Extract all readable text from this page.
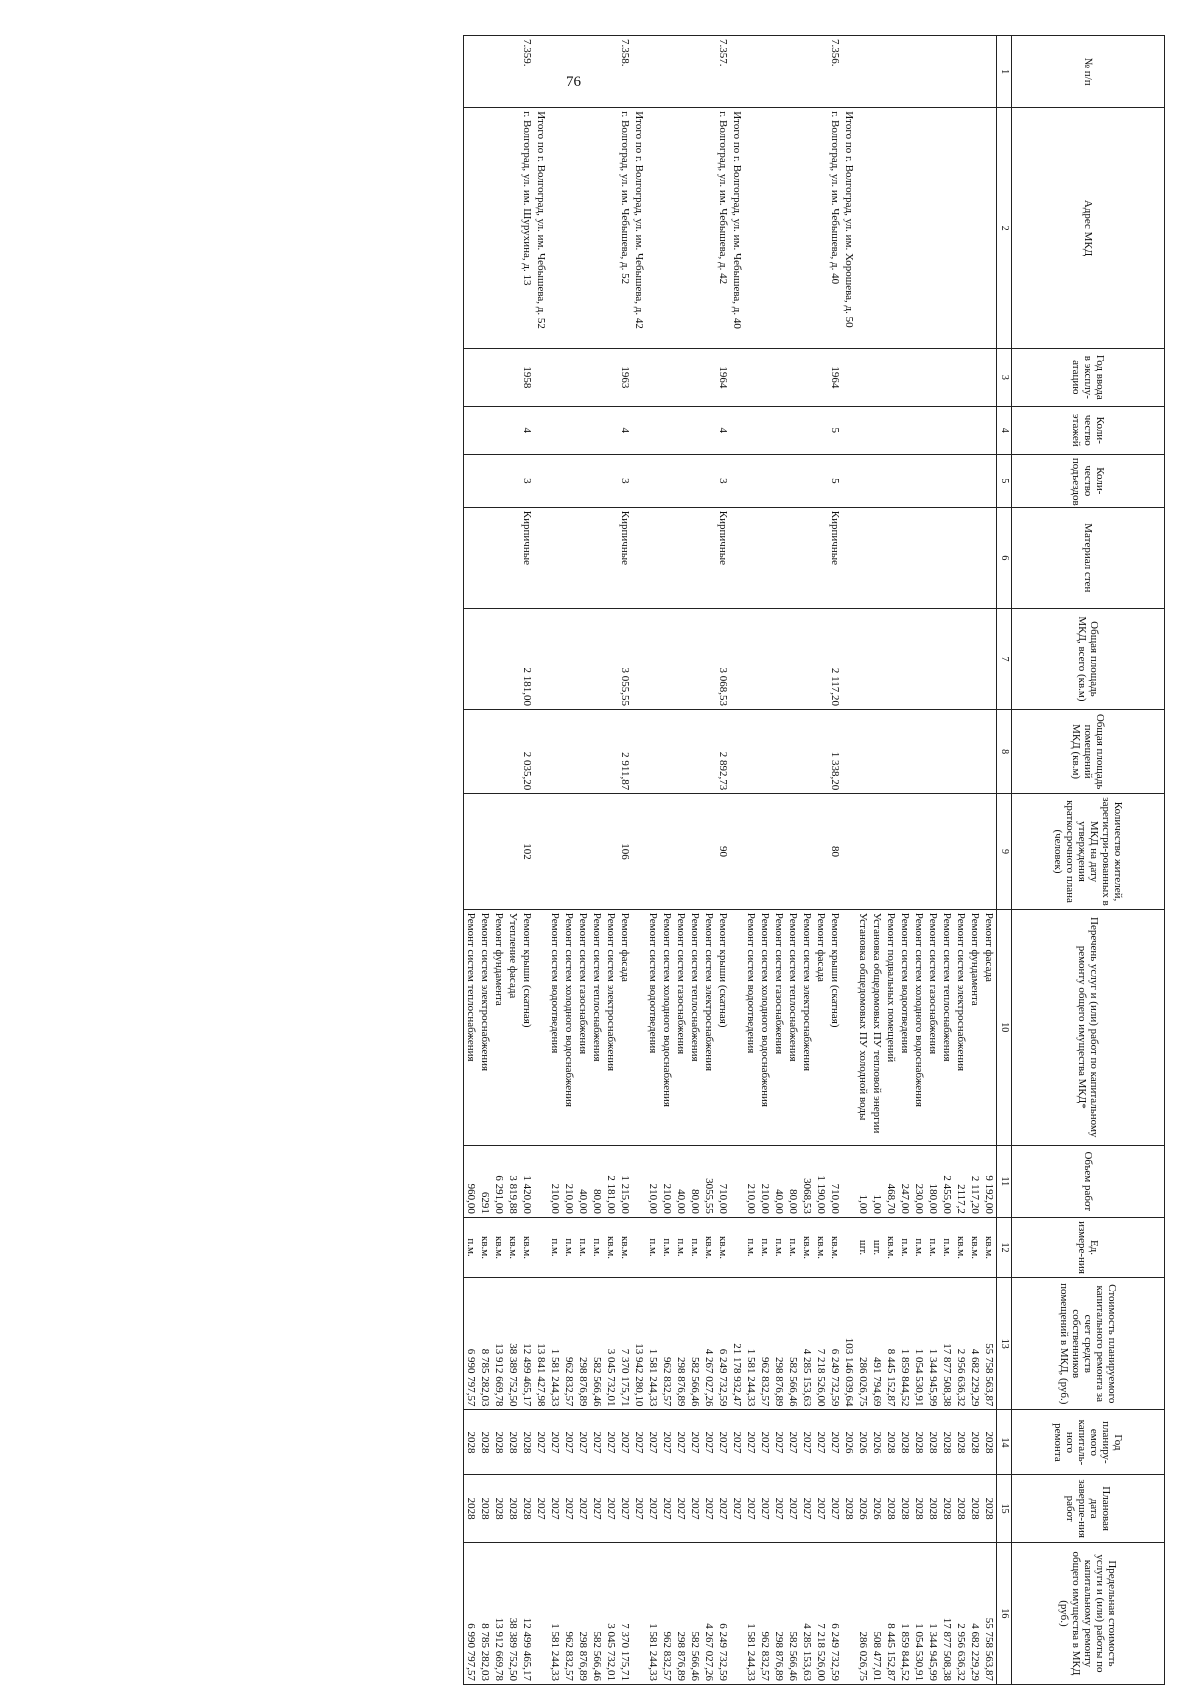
76	№ п/п	Адрес МКД	Год ввода в эксплу-атацию	Коли-чество этажей	Коли-чество подъездов	Материал стен	Общая площадь МКД, всего (кв.м)	Общая площадь помещений МКД (кв.м)	Количество жителей, зарегистри-рованных в МКД на дату утверждения краткосрочного плана (человек)	Перечень услуг и (или) работ по капитальному ремонту общего имущества МКД*	Объем работ	Ед. измере-ния	Стоимость планируемого капитального ремонта за счет средств собственников помещений в МКД, (руб.)	Год планиру-емого капиталь-ного ремонта	Плановая дата заверше-ния работ	Предельная стоимость услуги и (или) работы по капитальному ремонту общего имущества в МКД (руб.)
1	2	3	4	5	6	7	8	9	10	11	12	13	14	15	16
									Ремонт фасада	9 192,00	кв.м.	55 758 563,87	2028	2028	55 758 563,87
									Ремонт фундамента	2 117,20	кв.м.	4 682 229,29	2028	2028	4 682 229,29
									Ремонт систем электроснабжения	2117,2	кв.м.	2 956 636,32	2028	2028	2 956 636,32
									Ремонт систем теплоснабжения	2 455,00	п.м.	17 877 508,38	2028	2028	17 877 508,38
									Ремонт систем газоснабжения	180,00	п.м.	1 344 945,99	2028	2028	1 344 945,99
									Ремонт систем холодного водоснабжения	230,00	п.м.	1 054 530,91	2028	2028	1 054 530,91
									Ремонт систем водоотведения	247,00	п.м.	1 859 844,52	2028	2028	1 859 844,52
									Ремонт подвальных помещений	468,70	кв.м.	8 445 152,87	2028	2028	8 445 152,87
									Установка общедомовых ПУ тепловой энергии	1,00	шт.	491 794,69	2026	2026	508 477,01
									Установка общедомовых ПУ холодной воды	1,00	шт.	286 026,75	2026	2026	286 026,75
	Итого по г. Волгоград, ул. им. Хорошева, д. 50											103 146 039,64	2026	2028	
7.356.	г. Волгоград, ул. им. Чебышева, д. 40	1964	5	5	Кирпичные	2 117,20	1 338,20	80	Ремонт крыши (скатная)	710,00	кв.м.	6 249 732,59	2027	2027	6 249 732,59
									Ремонт фасада	1 190,00	кв.м.	7 218 526,00	2027	2027	7 218 526,00
									Ремонт систем электроснабжения	3068,53	кв.м.	4 285 153,63	2027	2027	4 285 153,63
									Ремонт систем теплоснабжения	80,00	п.м.	582 566,46	2027	2027	582 566,46
									Ремонт систем газоснабжения	40,00	п.м.	298 876,89	2027	2027	298 876,89
									Ремонт систем холодного водоснабжения	210,00	п.м.	962 832,57	2027	2027	962 832,57
									Ремонт систем водоотведения	210,00	п.м.	1 581 244,33	2027	2027	1 581 244,33
	Итого по г. Волгоград, ул. им. Чебышева, д. 40											21 178 932,47	2027	2027	
7.357.	г. Волгоград, ул. им. Чебышева, д. 42	1964	4	3	Кирпичные	3 068,53	2 892,73	90	Ремонт крыши (скатная)	710,00	кв.м.	6 249 732,59	2027	2027	6 249 732,59
									Ремонт систем электроснабжения	3055,55	кв.м.	4 267 027,26	2027	2027	4 267 027,26
									Ремонт систем теплоснабжения	80,00	п.м.	582 566,46	2027	2027	582 566,46
									Ремонт систем газоснабжения	40,00	п.м.	298 876,89	2027	2027	298 876,89
									Ремонт систем холодного водоснабжения	210,00	п.м.	962 832,57	2027	2027	962 832,57
									Ремонт систем водоотведения	210,00	п.м.	1 581 244,33	2027	2027	1 581 244,33
	Итого по г. Волгоград, ул. им. Чебышева, д. 42											13 942 280,10	2027	2027	
7.358.	г. Волгоград, ул. им. Чебышева, д. 52	1963	4	3	Кирпичные	3 055,55	2 911,87	106	Ремонт фасада	1 215,00	кв.м.	7 370 175,71	2027	2027	7 370 175,71
									Ремонт систем электроснабжения	2 181,00	кв.м.	3 045 732,01	2027	2027	3 045 732,01
									Ремонт систем теплоснабжения	80,00	п.м.	582 566,46	2027	2027	582 566,46
									Ремонт систем газоснабжения	40,00	п.м.	298 876,89	2027	2027	298 876,89
									Ремонт систем холодного водоснабжения	210,00	п.м.	962 832,57	2027	2027	962 832,57
									Ремонт систем водоотведения	210,00	п.м.	1 581 244,33	2027	2027	1 581 244,33
	Итого по г. Волгоград, ул. им. Чебышева, д. 52											13 841 427,98	2027	2027	
7.359.	г. Волгоград, ул. им. Шурухина, д. 13	1958	4	3	Кирпичные	2 181,00	2 035,20	102	Ремонт крыши (скатная)	1 420,00	кв.м.	12 499 465,17	2028	2028	12 499 465,17
									Утепление фасада	3 819,88	кв.м.	38 389 752,50	2028	2028	38 389 752,50
									Ремонт фундамента	6 291,00	кв.м.	13 912 669,78	2028	2028	13 912 669,78
									Ремонт систем электроснабжения	6291	кв.м.	8 785 282,03	2028	2028	8 785 282,03
									Ремонт систем теплоснабжения	960,00	п.м.	6 990 797,57	2028	2028	6 990 797,57
